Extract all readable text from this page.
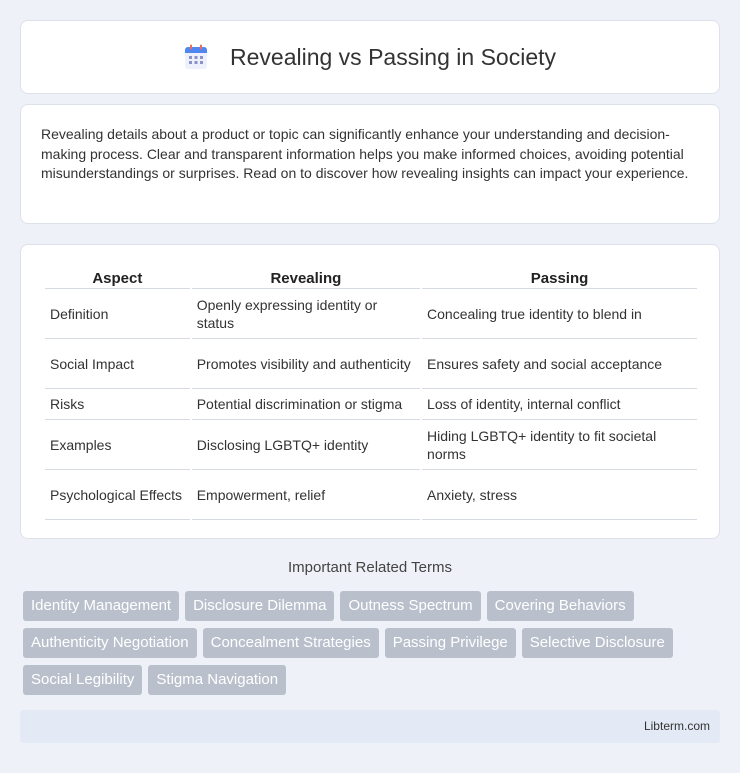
Revealing vs Passing in Society

Revealing details about a product or topic can significantly enhance your understanding and decision-making process. Clear and transparent information helps you make informed choices, avoiding potential misunderstandings or surprises. Read on to discover how revealing insights can impact your experience.

Aspect	Revealing	Passing
Definition	Openly expressing identity or status	Concealing true identity to blend in
Social Impact	Promotes visibility and authenticity	Ensures safety and social acceptance
Risks	Potential discrimination or stigma	Loss of identity, internal conflict
Examples	Disclosing LGBTQ+ identity	Hiding LGBTQ+ identity to fit societal norms
Psychological Effects	Empowerment, relief	Anxiety, stress
Important Related Terms
Identity Management	Disclosure Dilemma	Outness Spectrum	Covering Behaviors
Authenticity Negotiation	Concealment Strategies	Passing Privilege	Selective Disclosure
Social Legibility	Stigma Navigation
Libterm.com
